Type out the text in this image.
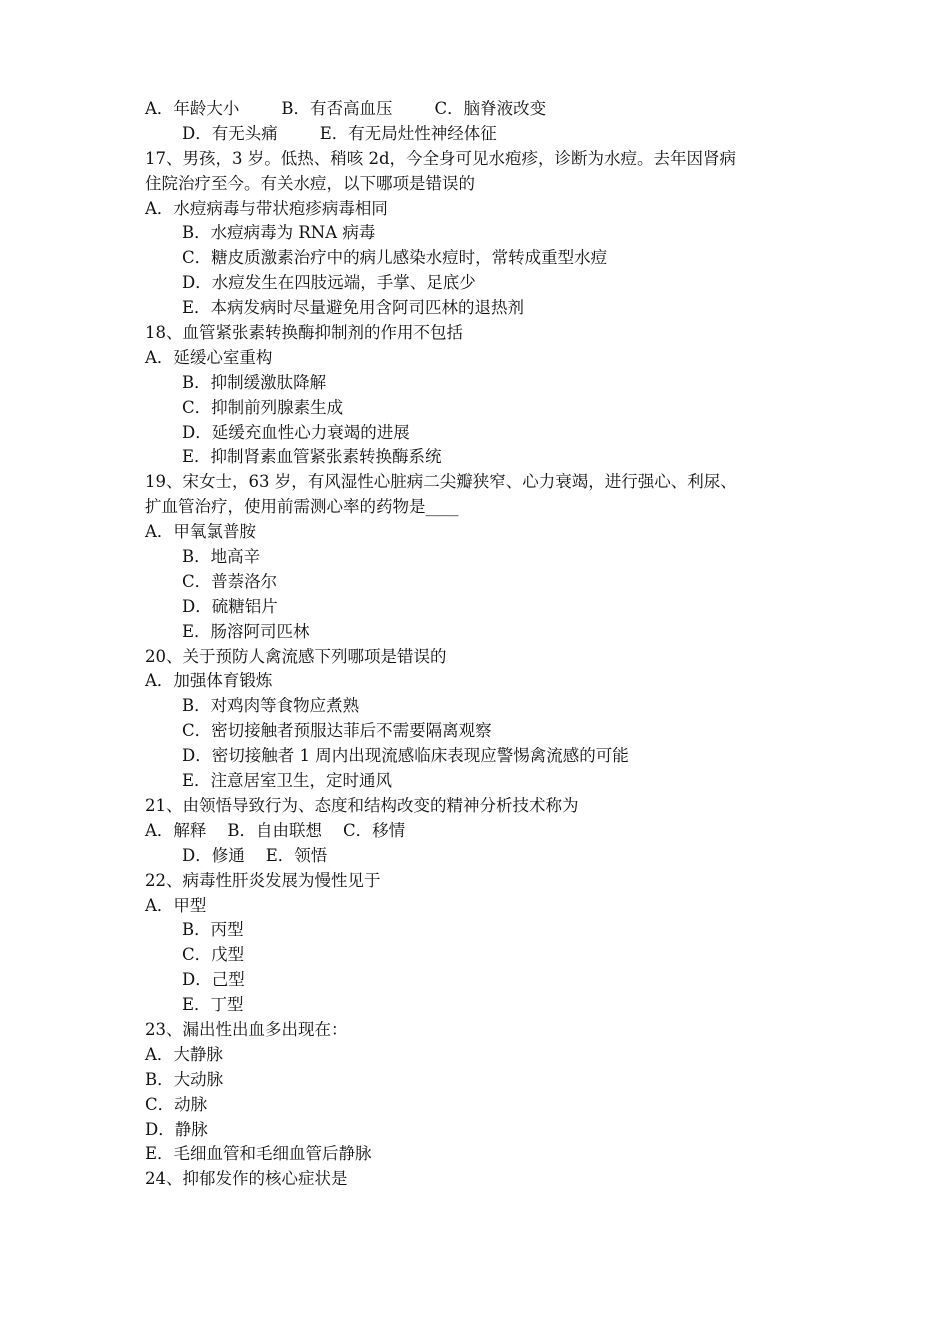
A．年龄大小        B．有否高血压        C．脑脊液改变
D．有无头痛        E．有无局灶性神经体征
17、男孩，3 岁。低热、稍咳 2d，今全身可见水疱疹，诊断为水痘。去年因肾病
住院治疗至今。有关水痘，以下哪项是错误的
A．水痘病毒与带状疱疹病毒相同
B．水痘病毒为 RNA 病毒
C．糖皮质激素治疗中的病儿感染水痘时，常转成重型水痘
D．水痘发生在四肢远端，手掌、足底少
E．本病发病时尽量避免用含阿司匹林的退热剂
18、血管紧张素转换酶抑制剂的作用不包括
A．延缓心室重构
B．抑制缓激肽降解
C．抑制前列腺素生成
D．延缓充血性心力衰竭的进展
E．抑制肾素血管紧张素转换酶系统
19、宋女士，63 岁，有风湿性心脏病二尖瓣狭窄、心力衰竭，进行强心、利尿、
扩血管治疗，使用前需测心率的药物是____
A．甲氧氯普胺
B．地高辛
C．普萘洛尔
D．硫糖铝片
E．肠溶阿司匹林
20、关于预防人禽流感下列哪项是错误的
A．加强体育锻炼
B．对鸡肉等食物应煮熟
C．密切接触者预服达菲后不需要隔离观察
D．密切接触者 1 周内出现流感临床表现应警惕禽流感的可能
E．注意居室卫生，定时通风
21、由领悟导致行为、态度和结构改变的精神分析技术称为
A．解释    B．自由联想    C．移情
D．修通    E．领悟
22、病毒性肝炎发展为慢性见于
A．甲型
B．丙型
C．戊型
D．己型
E．丁型
23、漏出性出血多出现在：
A．大静脉
B．大动脉
C．动脉
D．静脉
E．毛细血管和毛细血管后静脉
24、抑郁发作的核心症状是
